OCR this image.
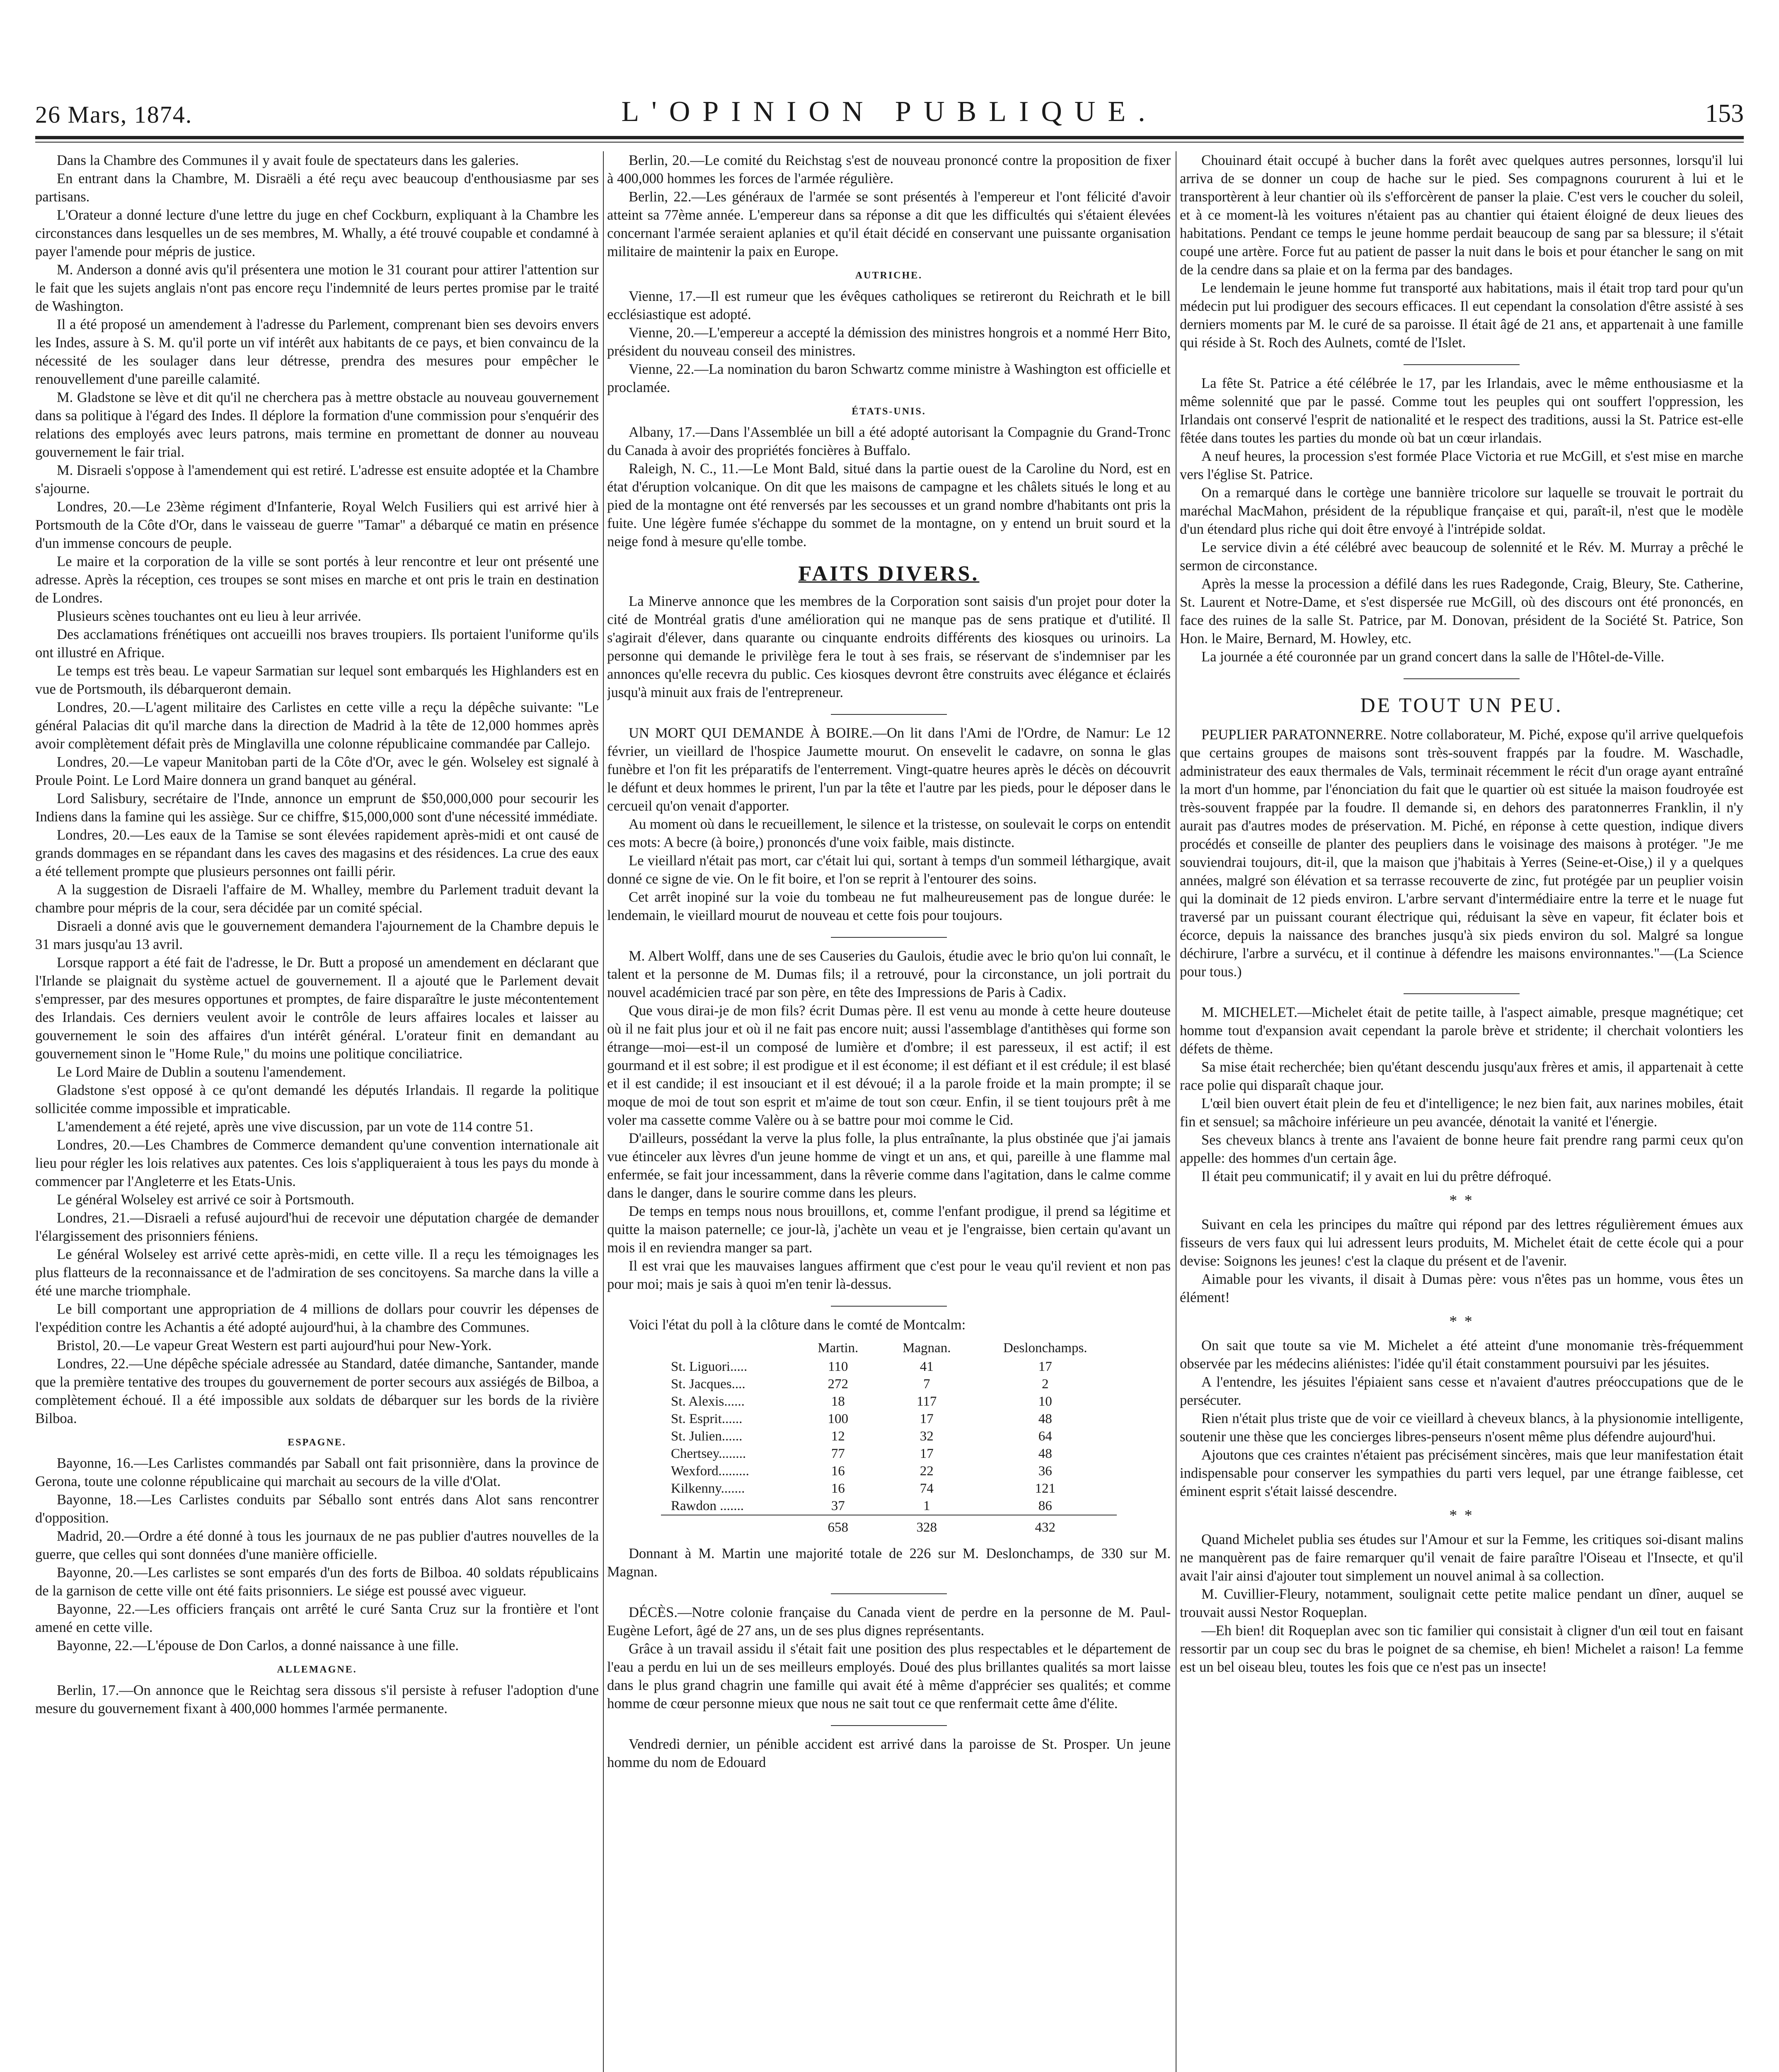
26 Mars, 1874.	L'OPINION PUBLIQUE.	153

Dans la Chambre des Communes il y avait foule de spectateurs dans les galeries.

En entrant dans la Chambre, M. Disraëli a été reçu avec beaucoup d'enthousiasme par ses partisans.

L'Orateur a donné lecture d'une lettre du juge en chef Cockburn, expliquant à la Chambre les circonstances dans lesquelles un de ses membres, M. Whally, a été trouvé coupable et condamné à payer l'amende pour mépris de justice.

M. Anderson a donné avis qu'il présentera une motion le 31 courant pour attirer l'attention sur le fait que les sujets anglais n'ont pas encore reçu l'indemnité de leurs pertes promise par le traité de Washington.

Il a été proposé un amendement à l'adresse du Parlement, comprenant bien ses devoirs envers les Indes, assure à S. M. qu'il porte un vif intérêt aux habitants de ce pays, et bien convaincu de la nécessité de les soulager dans leur détresse, prendra des mesures pour empêcher le renouvellement d'une pareille calamité.

M. Gladstone se lève et dit qu'il ne cherchera pas à mettre obstacle au nouveau gouvernement dans sa politique à l'égard des Indes. Il déplore la formation d'une commission pour s'enquérir des relations des employés avec leurs patrons, mais termine en promettant de donner au nouveau gouvernement le fair trial.

M. Disraeli s'oppose à l'amendement qui est retiré. L'adresse est ensuite adoptée et la Chambre s'ajourne.

Londres, 20.—Le 23ème régiment d'Infanterie, Royal Welch Fusiliers qui est arrivé hier à Portsmouth de la Côte d'Or, dans le vaisseau de guerre "Tamar" a débarqué ce matin en présence d'un immense concours de peuple.

Le maire et la corporation de la ville se sont portés à leur rencontre et leur ont présenté une adresse. Après la réception, ces troupes se sont mises en marche et ont pris le train en destination de Londres.

Plusieurs scènes touchantes ont eu lieu à leur arrivée.

Des acclamations frénétiques ont accueilli nos braves troupiers. Ils portaient l'uniforme qu'ils ont illustré en Afrique.

Le temps est très beau. Le vapeur Sarmatian sur lequel sont embarqués les Highlanders est en vue de Portsmouth, ils débarqueront demain.

Londres, 20.—L'agent militaire des Carlistes en cette ville a reçu la dépêche suivante: "Le général Palacias dit qu'il marche dans la direction de Madrid à la tête de 12,000 hommes après avoir complètement défait près de Minglavilla une colonne républicaine commandée par Callejo.

Londres, 20.—Le vapeur Manitoban parti de la Côte d'Or, avec le gén. Wolseley est signalé à Proule Point. Le Lord Maire donnera un grand banquet au général.

Lord Salisbury, secrétaire de l'Inde, annonce un emprunt de $50,000,000 pour secourir les Indiens dans la famine qui les assiège. Sur ce chiffre, $15,000,000 sont d'une nécessité immédiate.

Londres, 20.—Les eaux de la Tamise se sont élevées rapidement après-midi et ont causé de grands dommages en se répandant dans les caves des magasins et des résidences. La crue des eaux a été tellement prompte que plusieurs personnes ont failli périr.

A la suggestion de Disraeli l'affaire de M. Whalley, membre du Parlement traduit devant la chambre pour mépris de la cour, sera décidée par un comité spécial.

Disraeli a donné avis que le gouvernement demandera l'ajournement de la Chambre depuis le 31 mars jusqu'au 13 avril.

Lorsque rapport a été fait de l'adresse, le Dr. Butt a proposé un amendement en déclarant que l'Irlande se plaignait du système actuel de gouvernement. Il a ajouté que le Parlement devait s'empresser, par des mesures opportunes et promptes, de faire disparaître le juste mécontentement des Irlandais. Ces derniers veulent avoir le contrôle de leurs affaires locales et laisser au gouvernement le soin des affaires d'un intérêt général. L'orateur finit en demandant au gouvernement sinon le "Home Rule," du moins une politique conciliatrice.

Le Lord Maire de Dublin a soutenu l'amendement.

Gladstone s'est opposé à ce qu'ont demandé les députés Irlandais. Il regarde la politique sollicitée comme impossible et impraticable.

L'amendement a été rejeté, après une vive discussion, par un vote de 114 contre 51.

Londres, 20.—Les Chambres de Commerce demandent qu'une convention internationale ait lieu pour régler les lois relatives aux patentes. Ces lois s'appliqueraient à tous les pays du monde à commencer par l'Angleterre et les Etats-Unis.

Le général Wolseley est arrivé ce soir à Portsmouth.

Londres, 21.—Disraeli a refusé aujourd'hui de recevoir une députation chargée de demander l'élargissement des prisonniers féniens.

Le général Wolseley est arrivé cette après-midi, en cette ville. Il a reçu les témoignages les plus flatteurs de la reconnaissance et de l'admiration de ses concitoyens. Sa marche dans la ville a été une marche triomphale.

Le bill comportant une appropriation de 4 millions de dollars pour couvrir les dépenses de l'expédition contre les Achantis a été adopté aujourd'hui, à la chambre des Communes.

Bristol, 20.—Le vapeur Great Western est parti aujourd'hui pour New-York.

Londres, 22.—Une dépêche spéciale adressée au Standard, datée dimanche, Santander, mande que la première tentative des troupes du gouvernement de porter secours aux assiégés de Bilboa, a complètement échoué. Il a été impossible aux soldats de débarquer sur les bords de la rivière Bilboa.

ESPAGNE.

Bayonne, 16.—Les Carlistes commandés par Saball ont fait prisonnière, dans la province de Gerona, toute une colonne républicaine qui marchait au secours de la ville d'Olat.

Bayonne, 18.—Les Carlistes conduits par Séballo sont entrés dans Alot sans rencontrer d'opposition.

Madrid, 20.—Ordre a été donné à tous les journaux de ne pas publier d'autres nouvelles de la guerre, que celles qui sont données d'une manière officielle.

Bayonne, 20.—Les carlistes se sont emparés d'un des forts de Bilboa. 40 soldats républicains de la garnison de cette ville ont été faits prisonniers. Le siége est poussé avec vigueur.

Bayonne, 22.—Les officiers français ont arrêté le curé Santa Cruz sur la frontière et l'ont amené en cette ville.

Bayonne, 22.—L'épouse de Don Carlos, a donné naissance à une fille.

ALLEMAGNE.

Berlin, 17.—On annonce que le Reichtag sera dissous s'il persiste à refuser l'adoption d'une mesure du gouvernement fixant à 400,000 hommes l'armée permanente.

Berlin, 20.—Le comité du Reichstag s'est de nouveau prononcé contre la proposition de fixer à 400,000 hommes les forces de l'armée régulière.

Berlin, 22.—Les généraux de l'armée se sont présentés à l'empereur et l'ont félicité d'avoir atteint sa 77ème année. L'empereur dans sa réponse a dit que les difficultés qui s'étaient élevées concernant l'armée seraient aplanies et qu'il était décidé en conservant une puissante organisation militaire de maintenir la paix en Europe.

AUTRICHE.

Vienne, 17.—Il est rumeur que les évêques catholiques se retireront du Reichrath et le bill ecclésiastique est adopté.

Vienne, 20.—L'empereur a accepté la démission des ministres hongrois et a nommé Herr Bito, président du nouveau conseil des ministres.

Vienne, 22.—La nomination du baron Schwartz comme ministre à Washington est officielle et proclamée.

ÉTATS-UNIS.

Albany, 17.—Dans l'Assemblée un bill a été adopté autorisant la Compagnie du Grand-Tronc du Canada à avoir des propriétés foncières à Buffalo.

Raleigh, N. C., 11.—Le Mont Bald, situé dans la partie ouest de la Caroline du Nord, est en état d'éruption volcanique. On dit que les maisons de campagne et les châlets situés le long et au pied de la montagne ont été renversés par les secousses et un grand nombre d'habitants ont pris la fuite. Une légère fumée s'échappe du sommet de la montagne, on y entend un bruit sourd et la neige fond à mesure qu'elle tombe.

FAITS DIVERS.

La Minerve annonce que les membres de la Corporation sont saisis d'un projet pour doter la cité de Montréal gratis d'une amélioration qui ne manque pas de sens pratique et d'utilité. Il s'agirait d'élever, dans quarante ou cinquante endroits différents des kiosques ou urinoirs. La personne qui demande le privilège fera le tout à ses frais, se réservant de s'indemniser par les annonces qu'elle recevra du public. Ces kiosques devront être construits avec élégance et éclairés jusqu'à minuit aux frais de l'entrepreneur.

UN MORT QUI DEMANDE À BOIRE.—On lit dans l'Ami de l'Ordre, de Namur: Le 12 février, un vieillard de l'hospice Jaumette mourut. On ensevelit le cadavre, on sonna le glas funèbre et l'on fit les préparatifs de l'enterrement. Vingt-quatre heures après le décès on découvrit le défunt et deux hommes le prirent, l'un par la tête et l'autre par les pieds, pour le déposer dans le cercueil qu'on venait d'apporter.

Au moment où dans le recueillement, le silence et la tristesse, on soulevait le corps on entendit ces mots: A becre (à boire,) prononcés d'une voix faible, mais distincte.

Le vieillard n'était pas mort, car c'était lui qui, sortant à temps d'un sommeil léthargique, avait donné ce signe de vie. On le fit boire, et l'on se reprit à l'entourer des soins.

Cet arrêt inopiné sur la voie du tombeau ne fut malheureusement pas de longue durée: le lendemain, le vieillard mourut de nouveau et cette fois pour toujours.

M. Albert Wolff, dans une de ses Causeries du Gaulois, étudie avec le brio qu'on lui connaît, le talent et la personne de M. Dumas fils; il a retrouvé, pour la circonstance, un joli portrait du nouvel académicien tracé par son père, en tête des Impressions de Paris à Cadix.

Que vous dirai-je de mon fils? écrit Dumas père. Il est venu au monde à cette heure douteuse où il ne fait plus jour et où il ne fait pas encore nuit; aussi l'assemblage d'antithèses qui forme son étrange—moi—est-il un composé de lumière et d'ombre; il est paresseux, il est actif; il est gourmand et il est sobre; il est prodigue et il est économe; il est défiant et il est crédule; il est blasé et il est candide; il est insouciant et il est dévoué; il a la parole froide et la main prompte; il se moque de moi de tout son esprit et m'aime de tout son cœur. Enfin, il se tient toujours prêt à me voler ma cassette comme Valère ou à se battre pour moi comme le Cid.

D'ailleurs, possédant la verve la plus folle, la plus entraînante, la plus obstinée que j'ai jamais vue étinceler aux lèvres d'un jeune homme de vingt et un ans, et qui, pareille à une flamme mal enfermée, se fait jour incessamment, dans la rêverie comme dans l'agitation, dans le calme comme dans le danger, dans le sourire comme dans les pleurs.

De temps en temps nous nous brouillons, et, comme l'enfant prodigue, il prend sa légitime et quitte la maison paternelle; ce jour-là, j'achète un veau et je l'engraisse, bien certain qu'avant un mois il en reviendra manger sa part.

Il est vrai que les mauvaises langues affirment que c'est pour le veau qu'il revient et non pas pour moi; mais je sais à quoi m'en tenir là-dessus.

Voici l'état du poll à la clôture dans le comté de Montcalm:

	Martin.	Magnan.	Deslonchamps.
St. Liguori.....	110	41	17
St. Jacques....	272	7	2
St. Alexis......	18	117	10
St. Esprit......	100	17	48
St. Julien......	12	32	64
Chertsey........	77	17	48
Wexford.........	16	22	36
Kilkenny.......	16	74	121
Rawdon .......	37	1	86
	658	328	432

Donnant à M. Martin une majorité totale de 226 sur M. Deslonchamps, de 330 sur M. Magnan.

DÉCÈS.—Notre colonie française du Canada vient de perdre en la personne de M. Paul-Eugène Lefort, âgé de 27 ans, un de ses plus dignes représentants.

Grâce à un travail assidu il s'était fait une position des plus respectables et le département de l'eau a perdu en lui un de ses meilleurs employés. Doué des plus brillantes qualités sa mort laisse dans le plus grand chagrin une famille qui avait été à même d'apprécier ses qualités; et comme homme de cœur personne mieux que nous ne sait tout ce que renfermait cette âme d'élite.

Vendredi dernier, un pénible accident est arrivé dans la paroisse de St. Prosper. Un jeune homme du nom de Edouard

Chouinard était occupé à bucher dans la forêt avec quelques autres personnes, lorsqu'il lui arriva de se donner un coup de hache sur le pied. Ses compagnons coururent à lui et le transportèrent à leur chantier où ils s'efforcèrent de panser la plaie. C'est vers le coucher du soleil, et à ce moment-là les voitures n'étaient pas au chantier qui étaient éloigné de deux lieues des habitations. Pendant ce temps le jeune homme perdait beaucoup de sang par sa blessure; il s'était coupé une artère. Force fut au patient de passer la nuit dans le bois et pour étancher le sang on mit de la cendre dans sa plaie et on la ferma par des bandages.

Le lendemain le jeune homme fut transporté aux habitations, mais il était trop tard pour qu'un médecin put lui prodiguer des secours efficaces. Il eut cependant la consolation d'être assisté à ses derniers moments par M. le curé de sa paroisse. Il était âgé de 21 ans, et appartenait à une famille qui réside à St. Roch des Aulnets, comté de l'Islet.

La fête St. Patrice a été célébrée le 17, par les Irlandais, avec le même enthousiasme et la même solennité que par le passé. Comme tout les peuples qui ont souffert l'oppression, les Irlandais ont conservé l'esprit de nationalité et le respect des traditions, aussi la St. Patrice est-elle fêtée dans toutes les parties du monde où bat un cœur irlandais.

A neuf heures, la procession s'est formée Place Victoria et rue McGill, et s'est mise en marche vers l'église St. Patrice.

On a remarqué dans le cortège une bannière tricolore sur laquelle se trouvait le portrait du maréchal MacMahon, président de la république française et qui, paraît-il, n'est que le modèle d'un étendard plus riche qui doit être envoyé à l'intrépide soldat.

Le service divin a été célébré avec beaucoup de solennité et le Rév. M. Murray a prêché le sermon de circonstance.

Après la messe la procession a défilé dans les rues Radegonde, Craig, Bleury, Ste. Catherine, St. Laurent et Notre-Dame, et s'est dispersée rue McGill, où des discours ont été prononcés, en face des ruines de la salle St. Patrice, par M. Donovan, président de la Société St. Patrice, Son Hon. le Maire, Bernard, M. Howley, etc.

La journée a été couronnée par un grand concert dans la salle de l'Hôtel-de-Ville.

DE TOUT UN PEU.

PEUPLIER PARATONNERRE. Notre collaborateur, M. Piché, expose qu'il arrive quelquefois que certains groupes de maisons sont très-souvent frappés par la foudre. M. Waschadle, administrateur des eaux thermales de Vals, terminait récemment le récit d'un orage ayant entraîné la mort d'un homme, par l'énonciation du fait que le quartier où est située la maison foudroyée est très-souvent frappée par la foudre. Il demande si, en dehors des paratonnerres Franklin, il n'y aurait pas d'autres modes de préservation. M. Piché, en réponse à cette question, indique divers procédés et conseille de planter des peupliers dans le voisinage des maisons à protéger. "Je me souviendrai toujours, dit-il, que la maison que j'habitais à Yerres (Seine-et-Oise,) il y a quelques années, malgré son élévation et sa terrasse recouverte de zinc, fut protégée par un peuplier voisin qui la dominait de 12 pieds environ. L'arbre servant d'intermédiaire entre la terre et le nuage fut traversé par un puissant courant électrique qui, réduisant la sève en vapeur, fit éclater bois et écorce, depuis la naissance des branches jusqu'à six pieds environ du sol. Malgré sa longue déchirure, l'arbre a survécu, et il continue à défendre les maisons environnantes."—(La Science pour tous.)

M. MICHELET.—Michelet était de petite taille, à l'aspect aimable, presque magnétique; cet homme tout d'expansion avait cependant la parole brève et stridente; il cherchait volontiers les défets de thème.

Sa mise était recherchée; bien qu'étant descendu jusqu'aux frères et amis, il appartenait à cette race polie qui disparaît chaque jour.

L'œil bien ouvert était plein de feu et d'intelligence; le nez bien fait, aux narines mobiles, était fin et sensuel; sa mâchoire inférieure un peu avancée, dénotait la vanité et l'énergie.

Ses cheveux blancs à trente ans l'avaient de bonne heure fait prendre rang parmi ceux qu'on appelle: des hommes d'un certain âge.

Il était peu communicatif; il y avait en lui du prêtre défroqué.

* *

Suivant en cela les principes du maître qui répond par des lettres régulièrement émues aux fisseurs de vers faux qui lui adressent leurs produits, M. Michelet était de cette école qui a pour devise: Soignons les jeunes! c'est la claque du présent et de l'avenir.

Aimable pour les vivants, il disait à Dumas père: vous n'êtes pas un homme, vous êtes un élément!

* *

On sait que toute sa vie M. Michelet a été atteint d'une monomanie très-fréquemment observée par les médecins aliénistes: l'idée qu'il était constamment poursuivi par les jésuites.

A l'entendre, les jésuites l'épiaient sans cesse et n'avaient d'autres préoccupations que de le persécuter.

Rien n'était plus triste que de voir ce vieillard à cheveux blancs, à la physionomie intelligente, soutenir une thèse que les concierges libres-penseurs n'osent même plus défendre aujourd'hui.

Ajoutons que ces craintes n'étaient pas précisément sincères, mais que leur manifestation était indispensable pour conserver les sympathies du parti vers lequel, par une étrange faiblesse, cet éminent esprit s'était laissé descendre.

* *

Quand Michelet publia ses études sur l'Amour et sur la Femme, les critiques soi-disant malins ne manquèrent pas de faire remarquer qu'il venait de faire paraître l'Oiseau et l'Insecte, et qu'il avait l'air ainsi d'ajouter tout simplement un nouvel animal à sa collection.

M. Cuvillier-Fleury, notamment, soulignait cette petite malice pendant un dîner, auquel se trouvait aussi Nestor Roqueplan.

—Eh bien! dit Roqueplan avec son tic familier qui consistait à cligner d'un œil tout en faisant ressortir par un coup sec du bras le poignet de sa chemise, eh bien! Michelet a raison! La femme est un bel oiseau bleu, toutes les fois que ce n'est pas un insecte!
